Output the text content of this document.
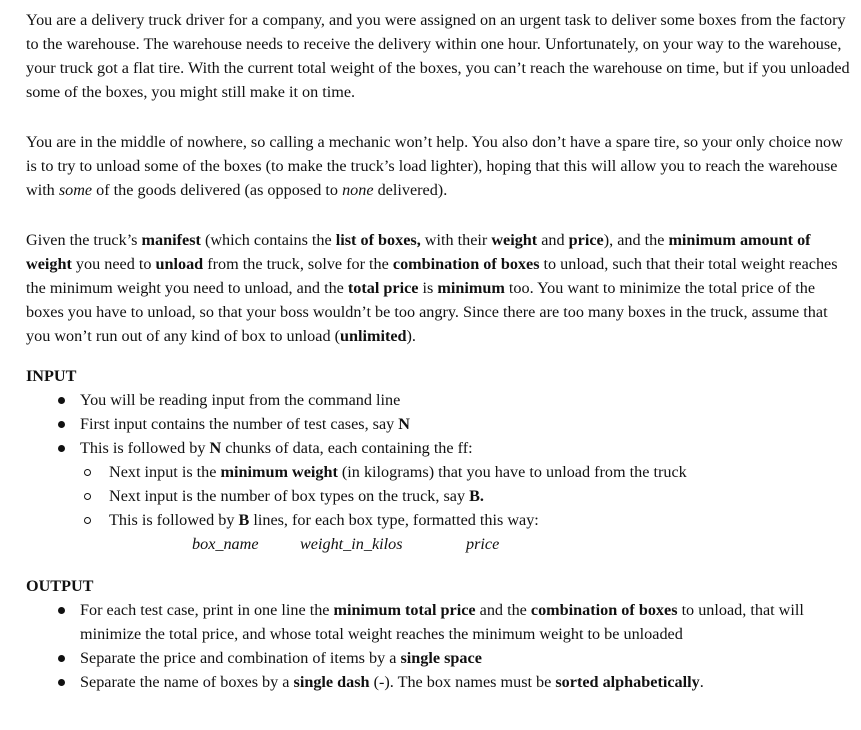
You are a delivery truck driver for a company, and you were assigned on an urgent task to deliver some boxes from the factory to the warehouse. The warehouse needs to receive the delivery within one hour. Unfortunately, on your way to the warehouse, your truck got a flat tire. With the current total weight of the boxes, you can’t reach the warehouse on time, but if you unloaded some of the boxes, you might still make it on time.

You are in the middle of nowhere, so calling a mechanic won’t help. You also don’t have a spare tire, so your only choice now is to try to unload some of the boxes (to make the truck’s load lighter), hoping that this will allow you to reach the warehouse with some of the goods delivered (as opposed to none delivered).

Given the truck’s manifest (which contains the list of boxes, with their weight and price), and the minimum amount of weight you need to unload from the truck, solve for the combination of boxes to unload, such that their total weight reaches the minimum weight you need to unload, and the total price is minimum too. You want to minimize the total price of the boxes you have to unload, so that your boss wouldn’t be too angry. Since there are too many boxes in the truck, assume that you won’t run out of any kind of box to unload (unlimited).

INPUT

You will be reading input from the command line
First input contains the number of test cases, say N
This is followed by N chunks of data, each containing the ff:
Next input is the minimum weight (in kilograms) that you have to unload from the truck
Next input is the number of box types on the truck, say B.
This is followed by B lines, for each box type, formatted this way:
box_name	weight_in_kilos	price

OUTPUT

For each test case, print in one line the minimum total price and the combination of boxes to unload, that will minimize the total price, and whose total weight reaches the minimum weight to be unloaded
Separate the price and combination of items by a single space
Separate the name of boxes by a single dash (-). The box names must be sorted alphabetically.
